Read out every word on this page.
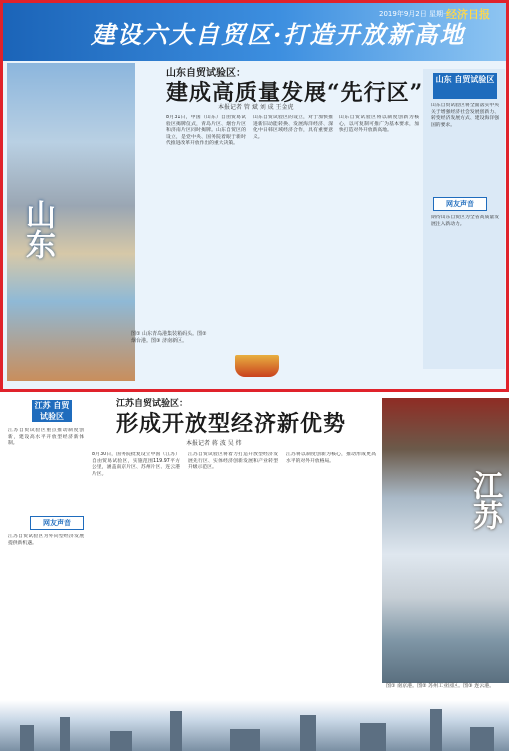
建设六大自贸区·打造开放新高地
2019年9月2日 星期一
经济日报
山东
图① 山东青岛港集装箱码头。图② 烟台港。图③ 济南新区。
山东自贸试验区：
建成高质量发展“先行区”
本报记者 管 斌 刘 成 王金虎
8月31日，中国（山东）自由贸易试验区揭牌仪式，青岛片区、烟台片区和济南片区同时揭牌。山东自贸区的设立，是党中央、国务院着眼于新时代推进改革开放作出的重大决策。
山东自贸试验区的设立，对于加快推进新旧动能转换、发展海洋经济、深化中日韩区域经济合作，具有重要意义。
山东自贸试验区将以制度创新为核心，以可复制可推广为基本要求，加快打造对外开放新高地。
山东 自贸试验区
山东自贸试验区将全面落实中央关于增强经济社会发展创新力、转变经济发展方式、建设海洋强国的要求。
网友声音
期待山东自贸区为全省高质量发展注入新动力。
江苏 自贸试验区
江苏自贸试验区重点推动制度创新，建设高水平开放型经济新体制。
网友声音
江苏自贸试验区为外向型经济发展提供新机遇。
江苏自贸试验区：
形成开放型经济新优势
本报记者 蒋 波 吴 炜
8月30日，国务院批复设立中国（江苏）自由贸易试验区，实施范围119.97平方公里，涵盖南京片区、苏州片区、连云港片区。
江苏自贸试验区将着力打造开放型经济发展先行区、实体经济创新发展和产业转型升级示范区。
江苏将以制度创新为核心，推动形成更高水平的对外开放格局。
江苏
图① 南京港。图② 苏州工业园区。图③ 连云港。
